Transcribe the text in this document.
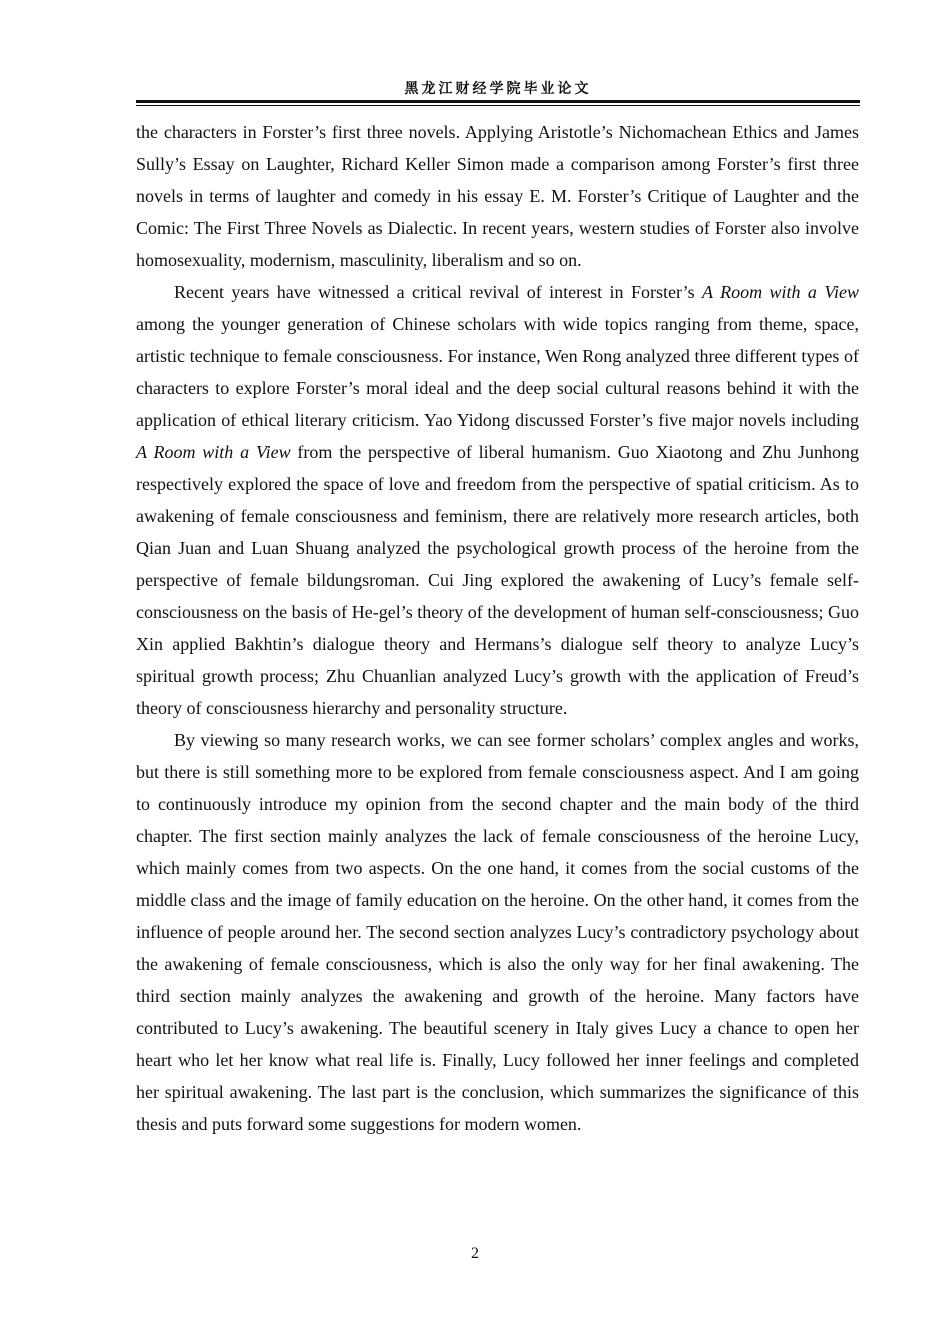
黑龙江财经学院毕业论文

the characters in Forster’s first three novels. Applying Aristotle’s Nichomachean Ethics and James Sully’s Essay on Laughter, Richard Keller Simon made a comparison among Forster’s first three novels in terms of laughter and comedy in his essay E. M. Forster’s Critique of Laughter and the Comic: The First Three Novels as Dialectic. In recent years, western studies of Forster also involve homosexuality, modernism, masculinity, liberalism and so on.

Recent years have witnessed a critical revival of interest in Forster’s A Room with a View among the younger generation of Chinese scholars with wide topics ranging from theme, space, artistic technique to female consciousness. For instance, Wen Rong analyzed three different types of characters to explore Forster’s moral ideal and the deep social cultural reasons behind it with the application of ethical literary criticism. Yao Yidong discussed Forster’s five major novels including A Room with a View from the perspective of liberal humanism. Guo Xiaotong and Zhu Junhong respectively explored the space of love and freedom from the perspective of spatial criticism. As to awakening of female consciousness and feminism, there are relatively more research articles, both Qian Juan and Luan Shuang analyzed the psychological growth process of the heroine from the perspective of female bildungsroman. Cui Jing explored the awakening of Lucy’s female self-consciousness on the basis of He-gel’s theory of the development of human self-consciousness; Guo Xin applied Bakhtin’s dialogue theory and Hermans’s dialogue self theory to analyze Lucy’s spiritual growth process; Zhu Chuanlian analyzed Lucy’s growth with the application of Freud’s theory of consciousness hierarchy and personality structure.

By viewing so many research works, we can see former scholars’ complex angles and works, but there is still something more to be explored from female consciousness aspect. And I am going to continuously introduce my opinion from the second chapter and the main body of the third chapter. The first section mainly analyzes the lack of female consciousness of the heroine Lucy, which mainly comes from two aspects. On the one hand, it comes from the social customs of the middle class and the image of family education on the heroine. On the other hand, it comes from the influence of people around her. The second section analyzes Lucy’s contradictory psychology about the awakening of female consciousness, which is also the only way for her final awakening. The third section mainly analyzes the awakening and growth of the heroine. Many factors have contributed to Lucy’s awakening. The beautiful scenery in Italy gives Lucy a chance to open her heart who let her know what real life is. Finally, Lucy followed her inner feelings and completed her spiritual awakening. The last part is the conclusion, which summarizes the significance of this thesis and puts forward some suggestions for modern women.

2
